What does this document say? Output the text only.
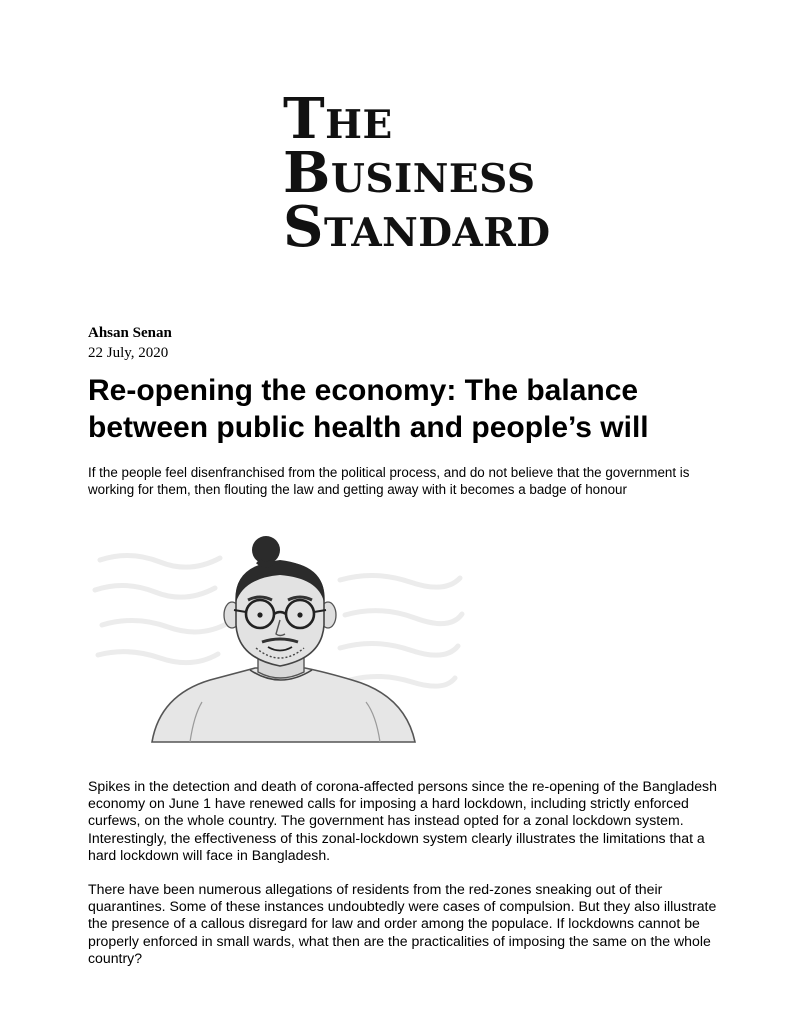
The
Business
Standard
Ahsan Senan
22 July, 2020
Re-opening the economy: The balance between public health and people’s will

If the people feel disenfranchised from the political process, and do not believe that the government is working for them, then flouting the law and getting away with it becomes a badge of honour

Spikes in the detection and death of corona-affected persons since the re-opening of the Bangladesh economy on June 1 have renewed calls for imposing a hard lockdown, including strictly enforced curfews, on the whole country. The government has instead opted for a zonal lockdown system. Interestingly, the effectiveness of this zonal-lockdown system clearly illustrates the limitations that a hard lockdown will face in Bangladesh.

There have been numerous allegations of residents from the red-zones sneaking out of their quarantines. Some of these instances undoubtedly were cases of compulsion. But they also illustrate the presence of a callous disregard for law and order among the populace. If lockdowns cannot be properly enforced in small wards, what then are the practicalities of imposing the same on the whole country?
